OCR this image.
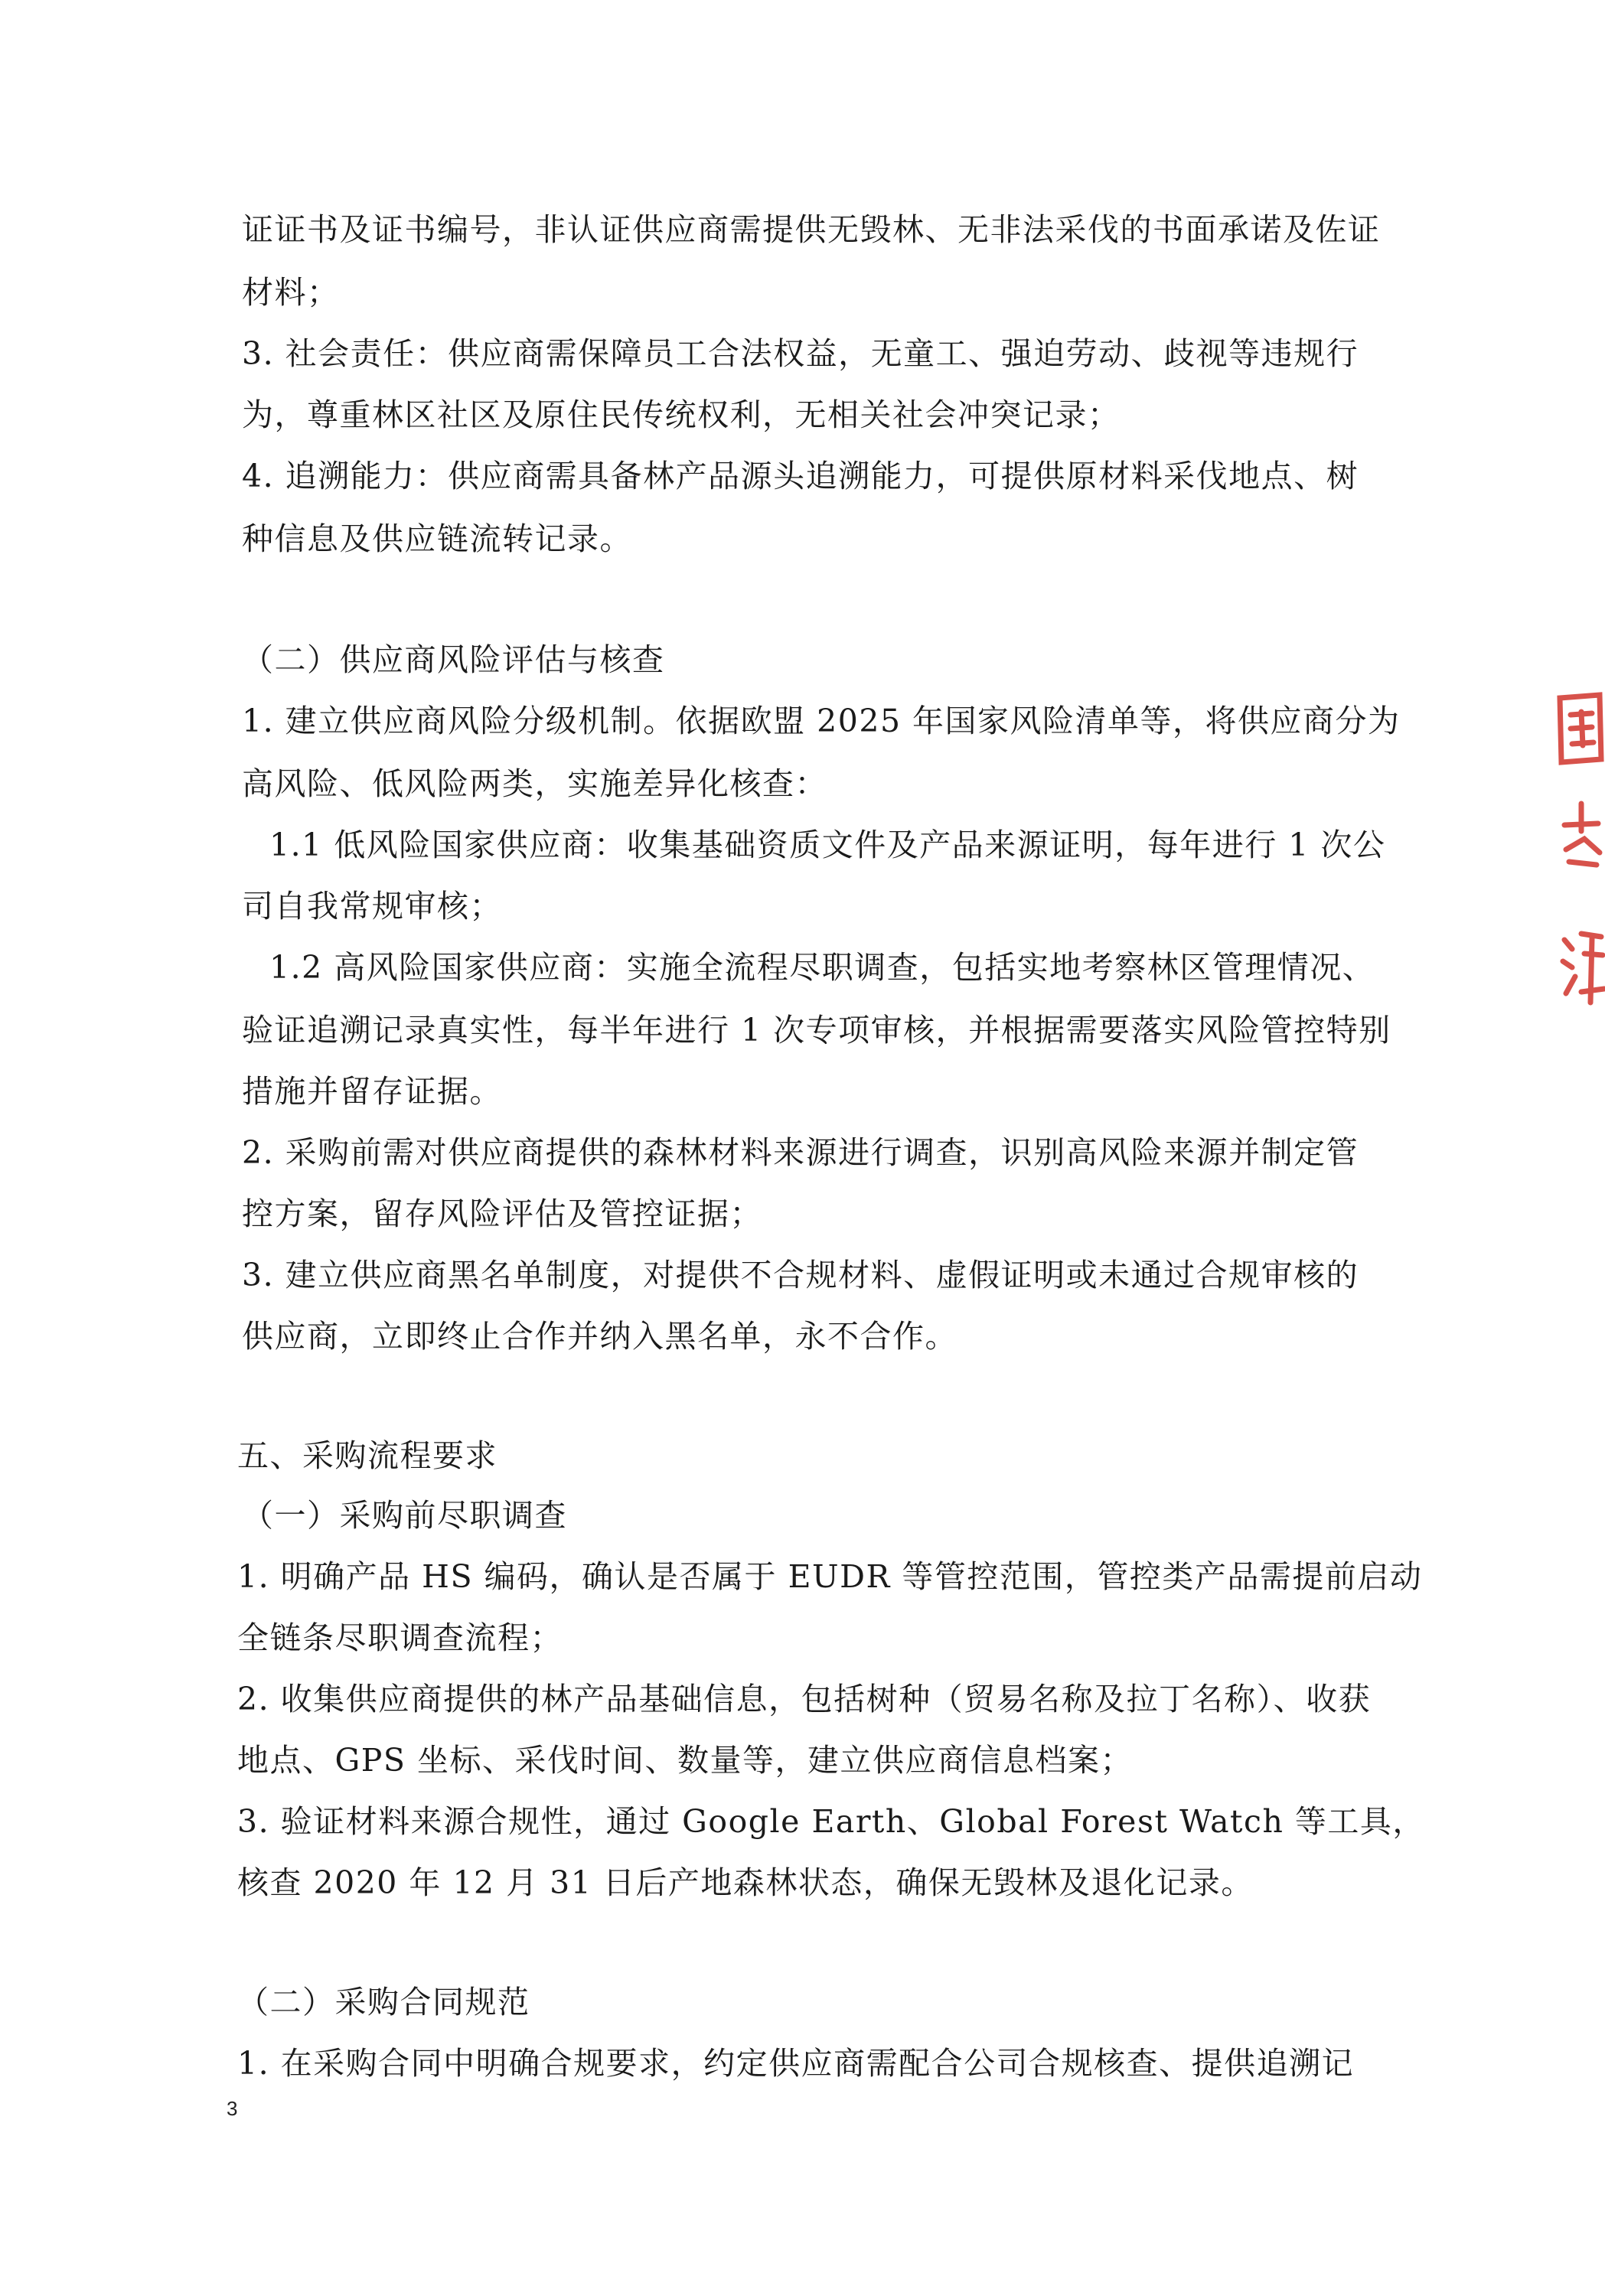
证证书及证书编号，非认证供应商需提供无毁林、无非法采伐的书面承诺及佐证
材料；
3. 社会责任：供应商需保障员工合法权益，无童工、强迫劳动、歧视等违规行
为，尊重林区社区及原住民传统权利，无相关社会冲突记录；
4. 追溯能力：供应商需具备林产品源头追溯能力，可提供原材料采伐地点、树
种信息及供应链流转记录。
（二）供应商风险评估与核查
1. 建立供应商风险分级机制。依据欧盟 2025 年国家风险清单等，将供应商分为
高风险、低风险两类，实施差异化核查：
1.1 低风险国家供应商：收集基础资质文件及产品来源证明，每年进行 1 次公
司自我常规审核；
1.2 高风险国家供应商：实施全流程尽职调查，包括实地考察林区管理情况、
验证追溯记录真实性，每半年进行 1 次专项审核，并根据需要落实风险管控特别
措施并留存证据。
2. 采购前需对供应商提供的森林材料来源进行调查，识别高风险来源并制定管
控方案，留存风险评估及管控证据；
3. 建立供应商黑名单制度，对提供不合规材料、虚假证明或未通过合规审核的
供应商，立即终止合作并纳入黑名单，永不合作。
五、采购流程要求
（一）采购前尽职调查
1. 明确产品 HS 编码，确认是否属于 EUDR 等管控范围，管控类产品需提前启动
全链条尽职调查流程；
2. 收集供应商提供的林产品基础信息，包括树种（贸易名称及拉丁名称）、收获
地点、GPS 坐标、采伐时间、数量等，建立供应商信息档案；
3. 验证材料来源合规性，通过 Google Earth、Global Forest Watch 等工具，
核查 2020 年 12 月 31 日后产地森林状态，确保无毁林及退化记录。
（二）采购合同规范
1. 在采购合同中明确合规要求，约定供应商需配合公司合规核查、提供追溯记
3
